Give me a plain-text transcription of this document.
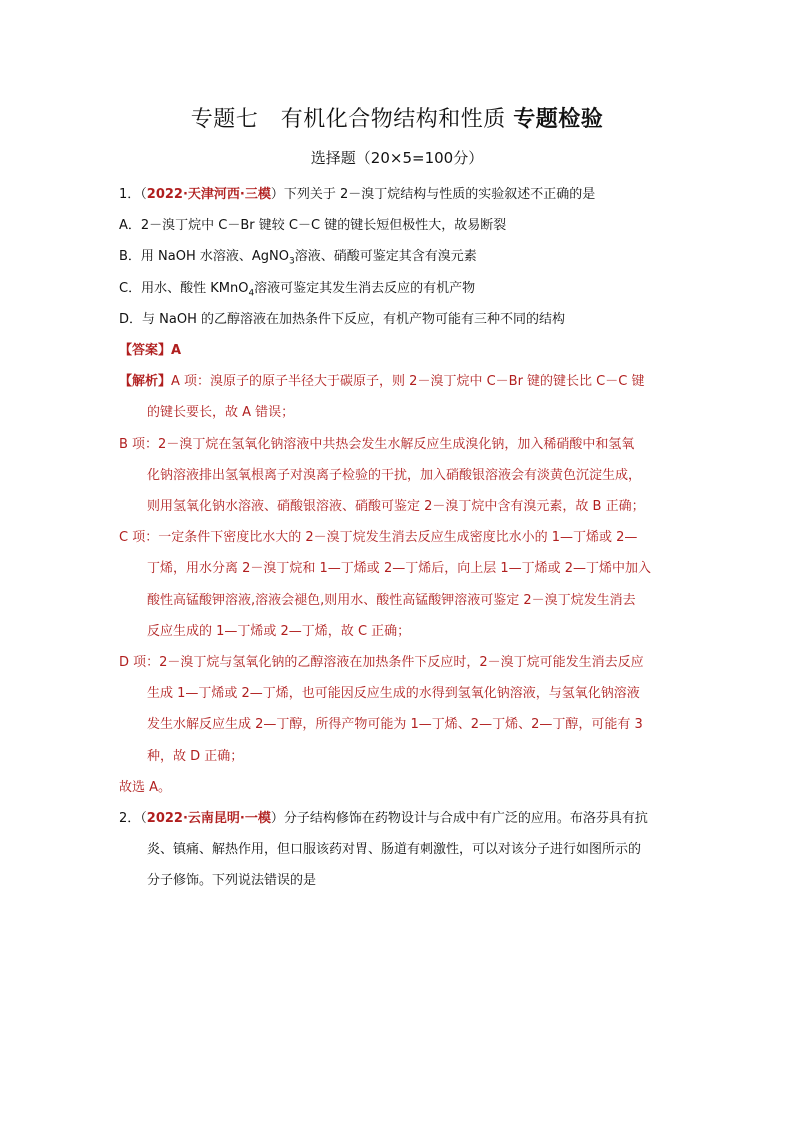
专题七　有机化合物结构和性质 专题检验
选择题（20×5=100分）
1．（2022·天津河西·三模）下列关于 2－溴丁烷结构与性质的实验叙述不正确的是
A．2－溴丁烷中 C－Br 键较 C－C 键的键长短但极性大，故易断裂
B．用 NaOH 水溶液、AgNO$_3$溶液、硝酸可鉴定其含有溴元素
C．用水、酸性 KMnO$_4$溶液可鉴定其发生消去反应的有机产物
D．与 NaOH 的乙醇溶液在加热条件下反应，有机产物可能有三种不同的结构
【答案】A
【解析】A 项：溴原子的原子半径大于碳原子，则 2－溴丁烷中 C－Br 键的键长比 C－C 键
的键长要长，故 A 错误；
B 项：2－溴丁烷在氢氧化钠溶液中共热会发生水解反应生成溴化钠，加入稀硝酸中和氢氧
化钠溶液排出氢氧根离子对溴离子检验的干扰，加入硝酸银溶液会有淡黄色沉淀生成，
则用氢氧化钠水溶液、硝酸银溶液、硝酸可鉴定 2－溴丁烷中含有溴元素，故 B 正确；
C 项：一定条件下密度比水大的 2－溴丁烷发生消去反应生成密度比水小的 1—丁烯或 2—
丁烯，用水分离 2－溴丁烷和 1—丁烯或 2—丁烯后，向上层 1—丁烯或 2—丁烯中加入
酸性高锰酸钾溶液,溶液会褪色,则用水、酸性高锰酸钾溶液可鉴定 2－溴丁烷发生消去
反应生成的 1—丁烯或 2—丁烯，故 C 正确；
D 项：2－溴丁烷与氢氧化钠的乙醇溶液在加热条件下反应时，2－溴丁烷可能发生消去反应
生成 1—丁烯或 2—丁烯，也可能因反应生成的水得到氢氧化钠溶液，与氢氧化钠溶液
发生水解反应生成 2—丁醇，所得产物可能为 1—丁烯、2—丁烯、2—丁醇，可能有 3
种，故 D 正确；
故选 A。
2．（2022·云南昆明·一模）分子结构修饰在药物设计与合成中有广泛的应用。布洛芬具有抗
炎、镇痛、解热作用，但口服该药对胃、肠道有刺激性，可以对该分子进行如图所示的
分子修饰。下列说法错误的是
